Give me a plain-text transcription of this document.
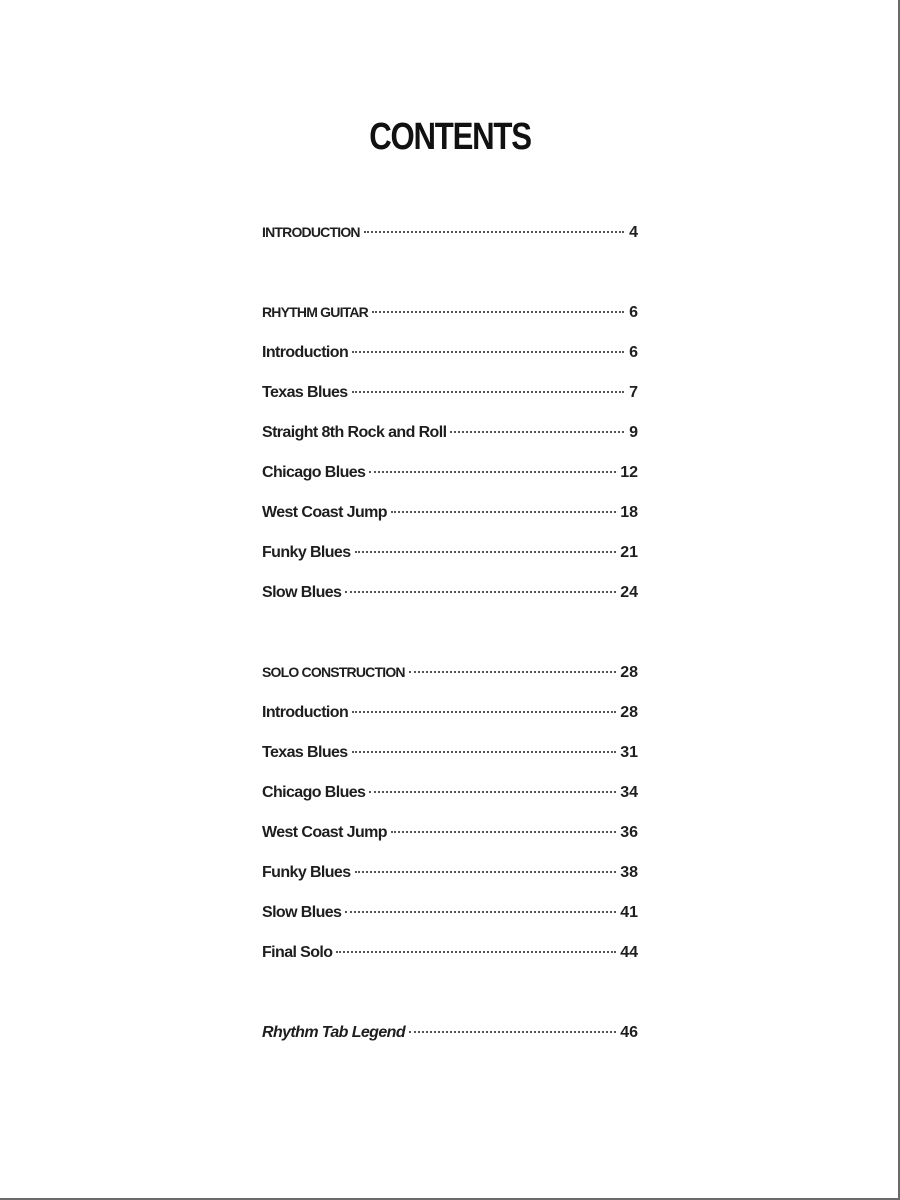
CONTENTS
INTRODUCTION	4
RHYTHM GUITAR	6
Introduction	6
Texas Blues	7
Straight 8th Rock and Roll	9
Chicago Blues	12
West Coast Jump	18
Funky Blues	21
Slow Blues	24
SOLO CONSTRUCTION	28
Introduction	28
Texas Blues	31
Chicago Blues	34
West Coast Jump	36
Funky Blues	38
Slow Blues	41
Final Solo	44
Rhythm Tab Legend	46
